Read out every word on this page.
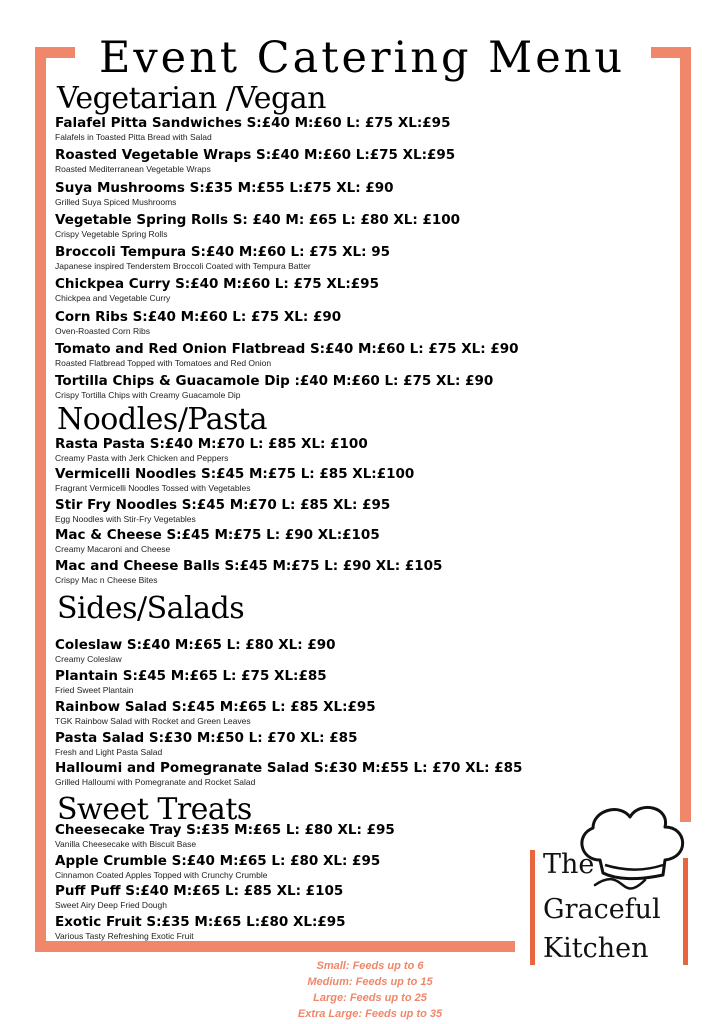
Event Catering Menu
Vegetarian /Vegan
Falafel Pitta Sandwiches S:£40 M:£60 L: £75 XL:£95
Falafels in Toasted Pitta Bread with Salad
Roasted Vegetable Wraps S:£40 M:£60 L:£75 XL:£95
Roasted Mediterranean Vegetable Wraps
Suya Mushrooms S:£35 M:£55 L:£75 XL: £90
Grilled Suya Spiced Mushrooms
Vegetable Spring Rolls S: £40 M: £65 L: £80 XL: £100
Crispy Vegetable Spring Rolls
Broccoli Tempura S:£40 M:£60 L: £75 XL: 95
Japanese inspired Tenderstem Broccoli Coated with Tempura Batter
Chickpea Curry S:£40 M:£60 L: £75 XL:£95
Chickpea and Vegetable Curry
Corn Ribs S:£40 M:£60 L: £75 XL: £90
Oven-Roasted Corn Ribs
Tomato and Red Onion Flatbread S:£40 M:£60 L: £75 XL: £90
Roasted Flatbread Topped with Tomatoes and Red Onion
Tortilla Chips & Guacamole Dip :£40 M:£60 L: £75 XL: £90
Crispy Tortilla Chips with Creamy Guacamole Dip
Noodles/Pasta
Rasta Pasta S:£40 M:£70 L: £85 XL: £100
Creamy Pasta with Jerk Chicken and Peppers
Vermicelli Noodles S:£45 M:£75 L: £85 XL:£100
Fragrant Vermicelli Noodles Tossed with Vegetables
Stir Fry Noodles S:£45 M:£70 L: £85 XL: £95
Egg Noodles with Stir-Fry Vegetables
Mac & Cheese S:£45 M:£75 L: £90 XL:£105
Creamy Macaroni and Cheese
Mac and Cheese Balls S:£45 M:£75 L: £90 XL: £105
Crispy Mac n Cheese Bites
Sides/Salads
Coleslaw S:£40 M:£65 L: £80 XL: £90
Creamy Coleslaw
Plantain S:£45 M:£65 L: £75 XL:£85
Fried Sweet Plantain
Rainbow Salad S:£45 M:£65 L: £85 XL:£95
TGK Rainbow Salad with Rocket and Green Leaves
Pasta Salad S:£30 M:£50 L: £70 XL: £85
Fresh and Light Pasta Salad
Halloumi and Pomegranate Salad S:£30 M:£55 L: £70 XL: £85
Grilled Halloumi with Pomegranate and Rocket Salad
Sweet Treats
Cheesecake Tray S:£35 M:£65 L: £80 XL: £95
Vanilla Cheesecake with Biscuit Base
Apple Crumble S:£40 M:£65 L: £80 XL: £95
Cinnamon Coated Apples Topped with Crunchy Crumble
Puff Puff S:£40 M:£65 L: £85 XL: £105
Sweet Airy Deep Fried Dough
Exotic Fruit S:£35 M:£65 L:£80 XL:£95
Various Tasty Refreshing Exotic Fruit
The
Graceful
Kitchen
Small: Feeds up to 6
Medium: Feeds up to 15
Large: Feeds up to 25
Extra Large: Feeds up to 35
